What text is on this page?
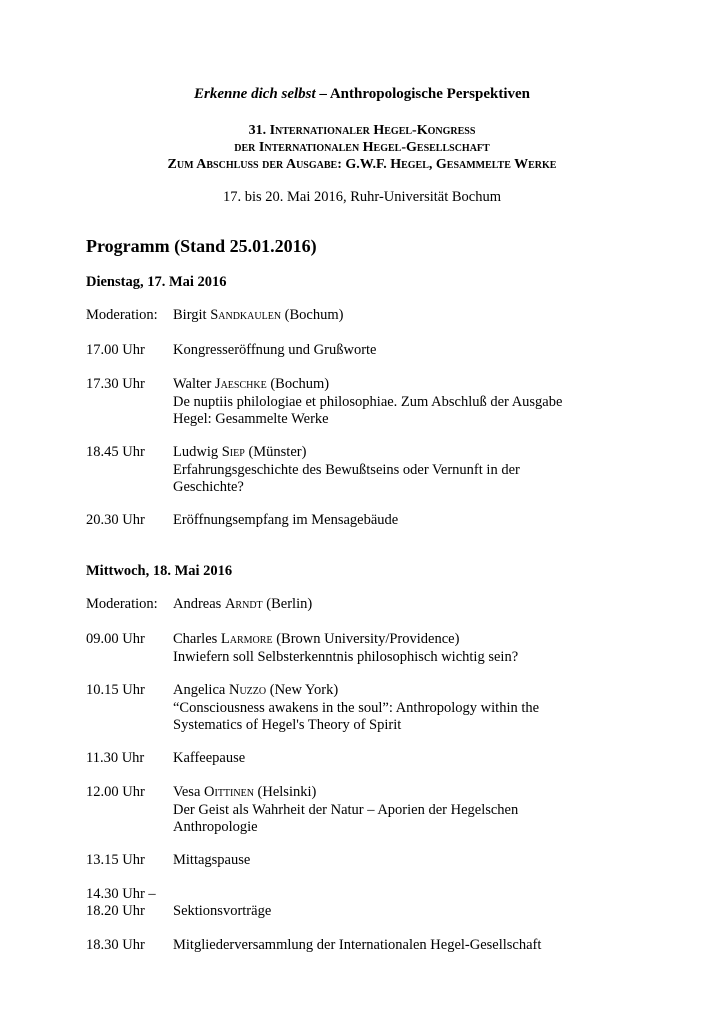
Erkenne dich selbst – Anthropologische Perspektiven
31. Internationaler Hegel-Kongress
der Internationalen Hegel-Gesellschaft
Zum Abschluss der Ausgabe: G.W.F. Hegel, Gesammelte Werke
17. bis 20. Mai 2016, Ruhr-Universität Bochum
Programm (Stand 25.01.2016)
Dienstag, 17. Mai 2016
Moderation:	Birgit Sandkaulen (Bochum)
17.00 Uhr	Kongresseröffnung und Grußworte
17.30 Uhr	Walter Jaeschke (Bochum)
De nuptiis philologiae et philosophiae. Zum Abschluß der Ausgabe
Hegel: Gesammelte Werke
18.45 Uhr	Ludwig Siep (Münster)
Erfahrungsgeschichte des Bewußtseins oder Vernunft in der
Geschichte?
20.30 Uhr	Eröffnungsempfang im Mensagebäude
Mittwoch, 18. Mai 2016
Moderation:	Andreas Arndt (Berlin)
09.00 Uhr	Charles Larmore (Brown University/Providence)
Inwiefern soll Selbsterkenntnis philosophisch wichtig sein?
10.15 Uhr	Angelica Nuzzo (New York)
“Consciousness awakens in the soul”: Anthropology within the
Systematics of Hegel's Theory of Spirit
11.30 Uhr	Kaffeepause
12.00 Uhr	Vesa Oittinen (Helsinki)
Der Geist als Wahrheit der Natur – Aporien der Hegelschen
Anthropologie
13.15 Uhr	Mittagspause
14.30 Uhr –
18.20 Uhr	Sektionsvorträge
18.30 Uhr	Mitgliederversammlung der Internationalen Hegel-Gesellschaft
